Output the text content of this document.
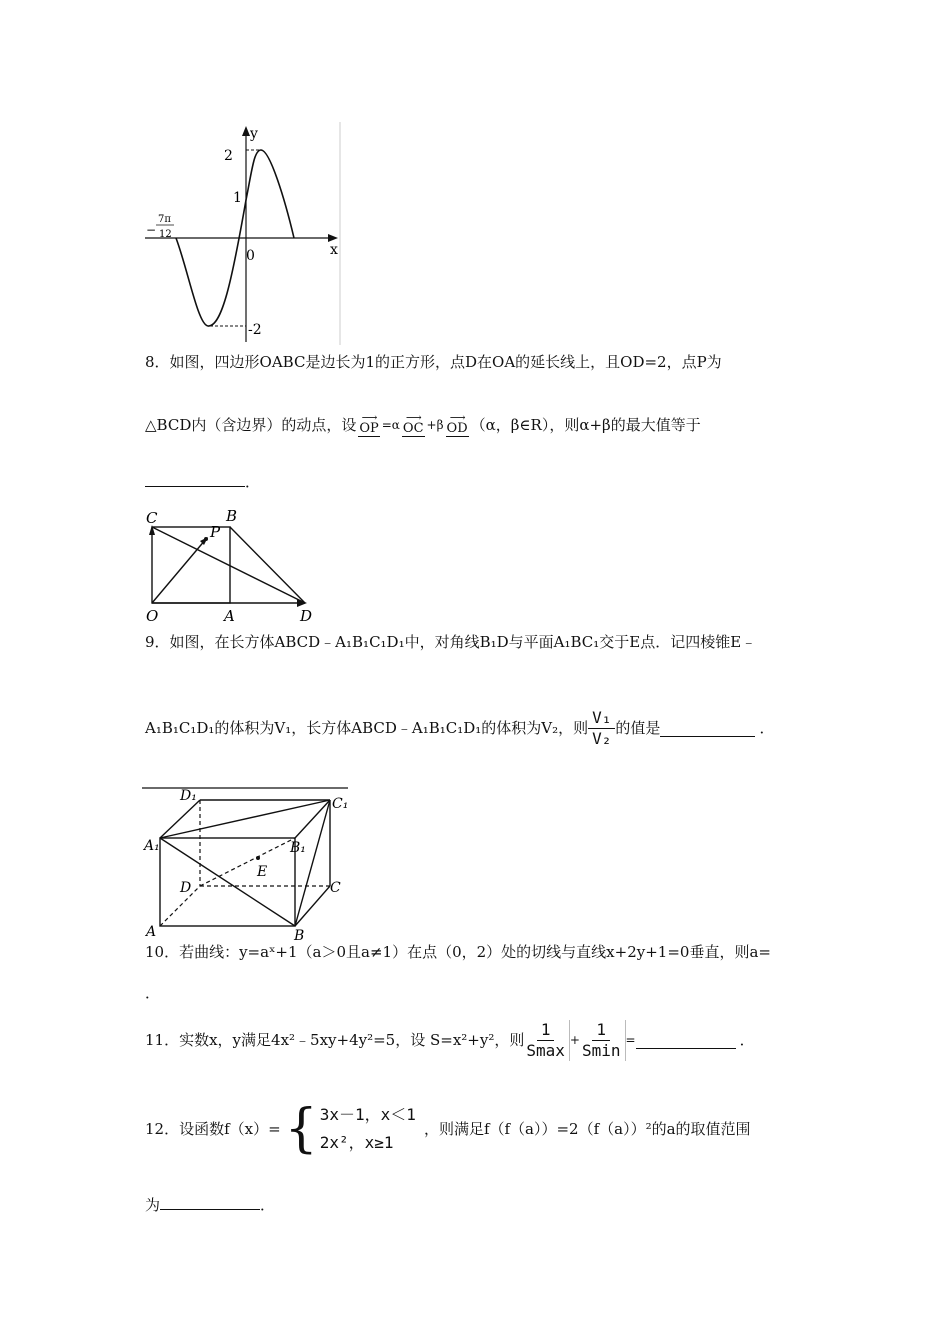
y
x
2
1
-2
0
−
7π
12
8．如图，四边形OABC是边长为1的正方形，点D在OA的延长线上，且OD=2，点P为
△BCD内（含边界）的动点，设 ⟶
OP =α
⟶
OC +β
⟶
OD （α，β∈R），则α+β的最大值等于
．
C	B
P
O	A	D
9．如图，在长方体ABCD﹣A₁B₁C₁D₁中，对角线B₁D与平面A₁BC₁交于E点．记四棱锥E﹣
A₁B₁C₁D₁的体积为V₁，长方体ABCD﹣A₁B₁C₁D₁的体积为V₂，则 $\frac{\text{V₁}}{\text{V₂}}$ 的值是	．
D₁	C₁
A₁	B₁
E
D	C
A	B
10．若曲线：y=aˣ+1（a＞0且a≠1）在点（0，2）处的切线与直线x+2y+1=0垂直，则a=
．
11．实数x，y满足4x²﹣5xy+4y²=5，设 S=x²+y²，则 $\frac{1}{Smax} + \frac{1}{Smin}$ =	．
12．设函数f（x）= { 3x－1，x＜1
2x²，x≥1
，则满足f（f（a））=2（f（a））²的a的取值范围
为	．
